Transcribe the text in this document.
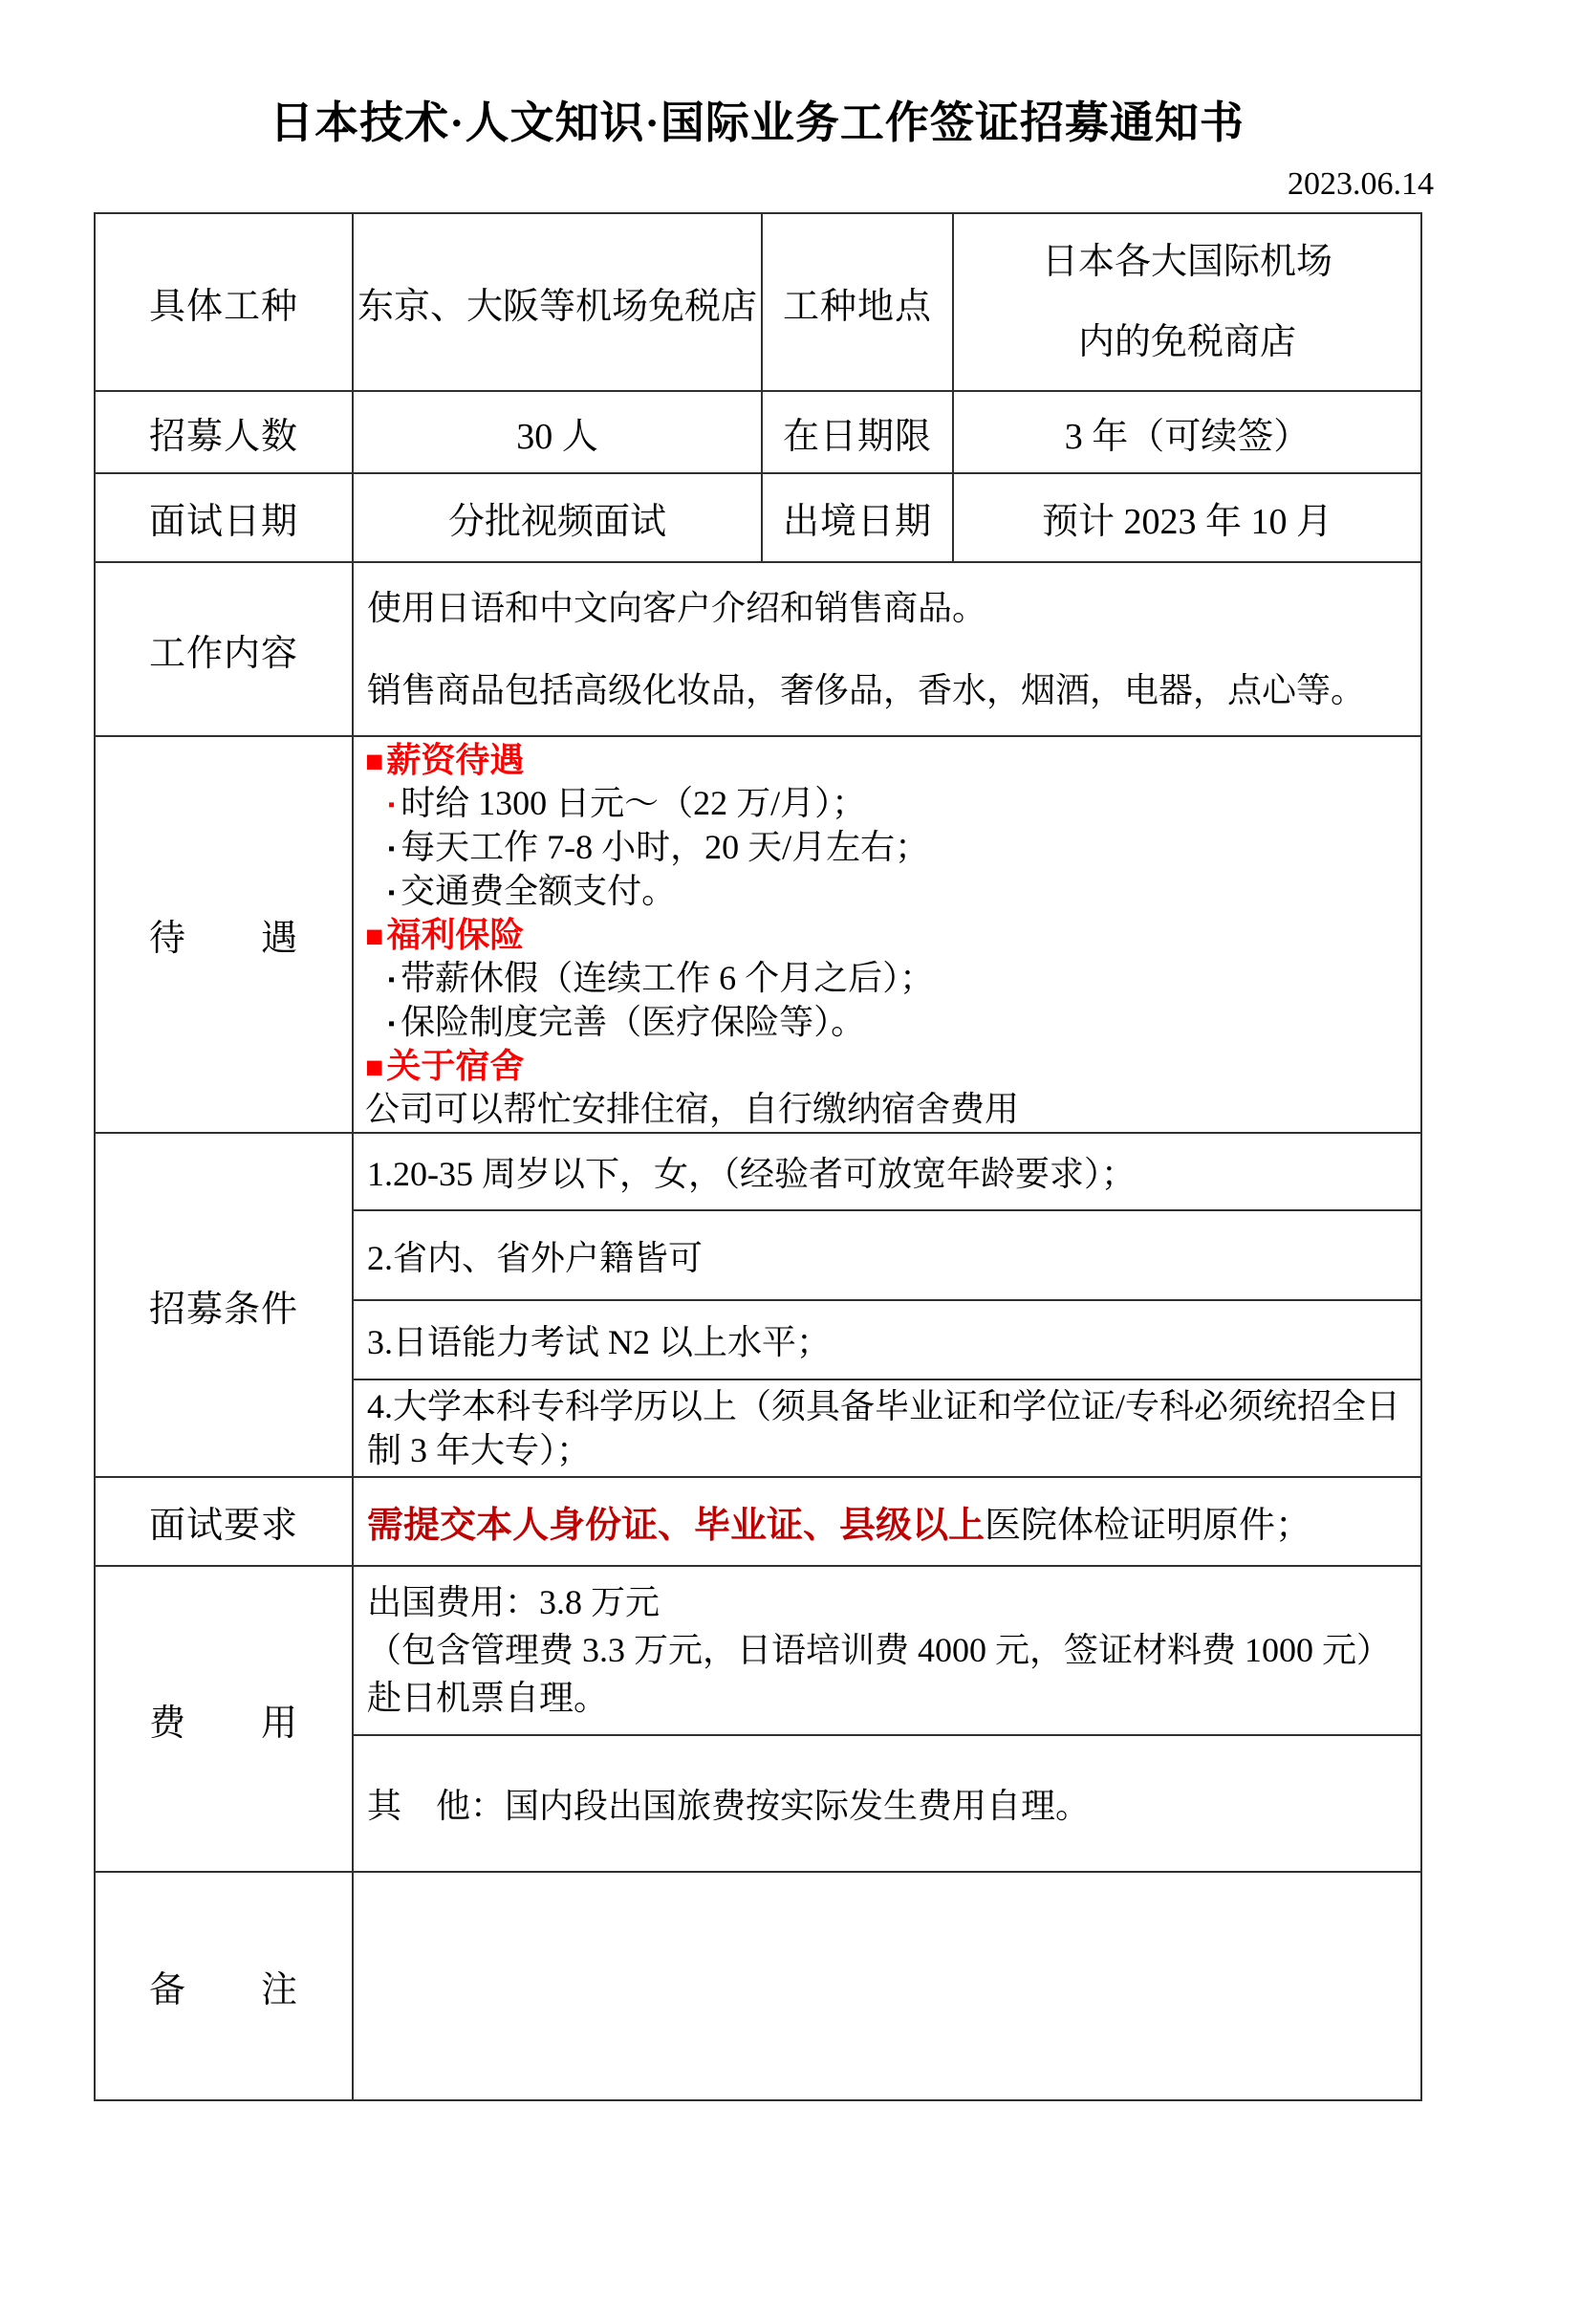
日本技术·人文知识·国际业务工作签证招募通知书
2023.06.14
具体工种	东京、大阪等机场免税店	工种地点	日本各大国际机场
内的免税商店

招募人数	30 人	在日期限	3 年（可续签）
面试日期	分批视频面试	出境日期	预计 2023 年 10 月
工作内容	使用日语和中文向客户介绍和销售商品。
销售商品包括高级化妆品，奢侈品，香水，烟酒，电器，点心等。		

待　　遇	
■薪资待遇
▪ 时给 1300 日元～（22 万/月）；
▪ 每天工作 7-8 小时，20 天/月左右；
▪ 交通费全额支付。
■福利保险
▪ 带薪休假（连续工作 6 个月之后）；
▪ 保险制度完善（医疗保险等）。
■关于宿舍
公司可以帮忙安排住宿，自行缴纳宿舍费用

招募条件	1.20-35 周岁以下，女，（经验者可放宽年龄要求）；		
	2.省内、省外户籍皆可		
	3.日语能力考试 N2 以上水平；		
	4.大学本科专科学历以上（须具备毕业证和学位证/专科必须统招全日制 3 年大专）；		
面试要求	需提交本人身份证、毕业证、县级以上医院体检证明原件；		
费　　用	出国费用：3.8 万元
（包含管理费 3.3 万元，日语培训费 4000 元，签证材料费 1000 元）赴日机票自理。		

	其　他：国内段出国旅费按实际发生费用自理。		
备　　注			
